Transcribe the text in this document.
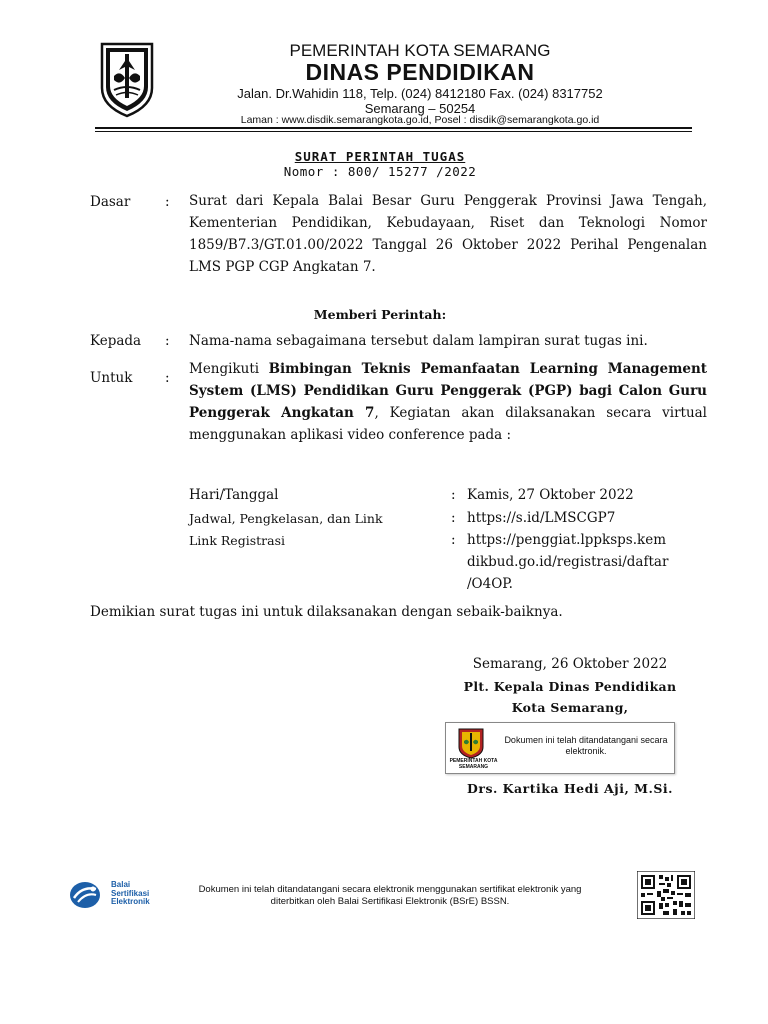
PEMERINTAH KOTA SEMARANG
DINAS PENDIDIKAN
Jalan. Dr.Wahidin 118, Telp. (024) 8412180 Fax. (024) 8317752
Semarang – 50254
Laman : www.disdik.semarangkota.go.id, Posel : disdik@semarangkota.go.id
SURAT PERINTAH TUGAS
Nomor : 800/ 15277 /2022
Dasar	: Surat dari Kepala Balai Besar Guru Penggerak Provinsi Jawa Tengah, Kementerian Pendidikan, Kebudayaan, Riset dan Teknologi Nomor 1859/B7.3/GT.01.00/2022 Tanggal 26 Oktober 2022 Perihal Pengenalan LMS PGP CGP Angkatan 7.
Memberi Perintah:
Kepada : Nama-nama sebagaimana tersebut dalam lampiran surat tugas ini.
Untuk :
Mengikuti Bimbingan Teknis Pemanfaatan Learning Management System (LMS) Pendidikan Guru Penggerak (PGP) bagi Calon Guru Penggerak Angkatan 7, Kegiatan akan dilaksanakan secara virtual menggunakan aplikasi video conference pada :
Hari/Tanggal	: Kamis, 27 Oktober 2022
Jadwal, Pengkelasan, dan Link	: https://s.id/LMSCGP7
Link Registrasi	: https://penggiat.lppksps.kem
dikbud.go.id/registrasi/daftar
/O4OP.
Demikian surat tugas ini untuk dilaksanakan dengan sebaik-baiknya.
Semarang, 26 Oktober 2022
Plt. Kepala Dinas Pendidikan
Kota Semarang,
PEMERINTAH KOTA SEMARANG
Dokumen ini telah ditandatangani secara elektronik.
Drs. Kartika Hedi Aji, M.Si.
Balai
Sertifikasi
Elektronik
Dokumen ini telah ditandatangani secara elektronik menggunakan sertifikat elektronik yang diterbitkan oleh Balai Sertifikasi Elektronik (BSrE) BSSN.
